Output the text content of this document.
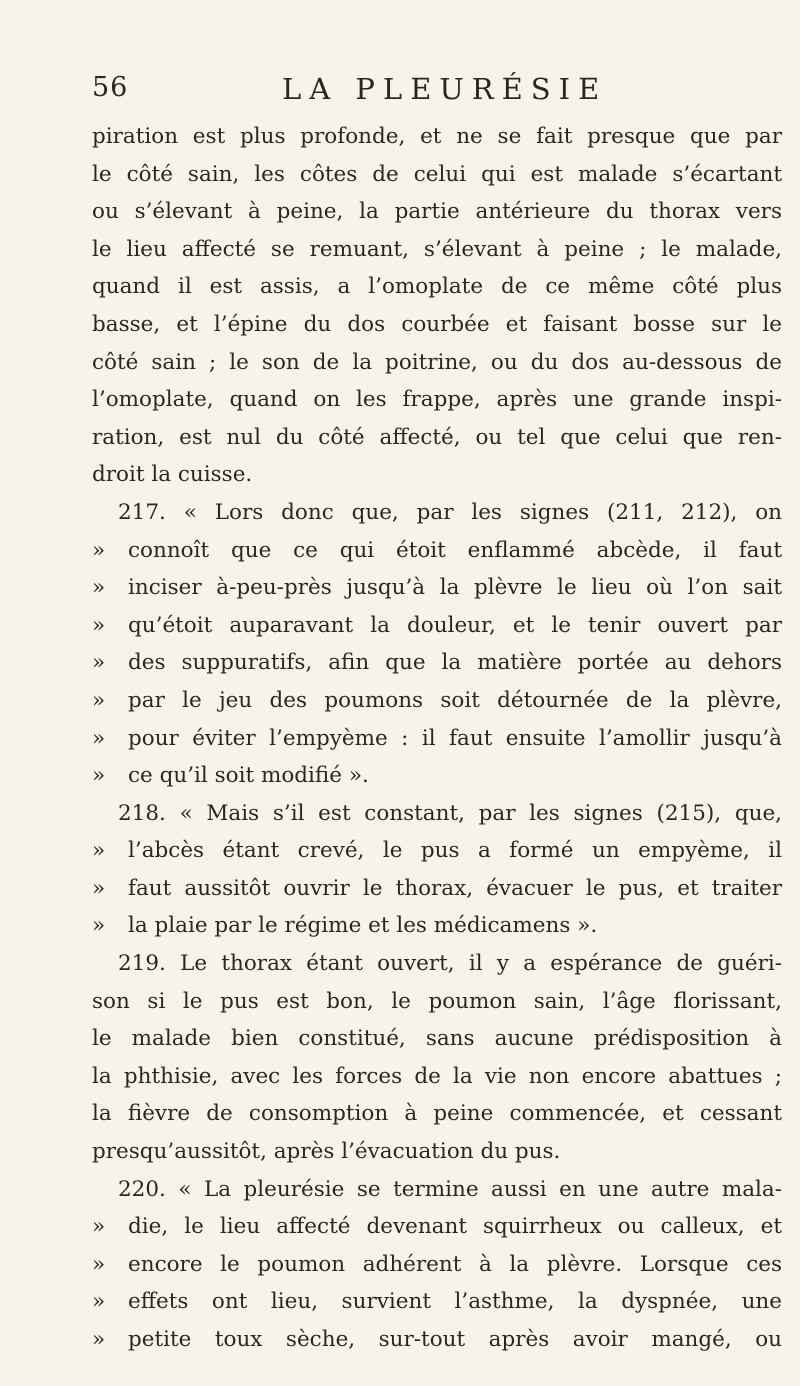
56	LA PLEURÉSIE
piration est plus profonde, et ne se fait presque que par
le côté sain, les côtes de celui qui est malade s’écartant
ou s’élevant à peine, la partie antérieure du thorax vers
le lieu affecté se remuant, s’élevant à peine ; le malade,
quand il est assis, a l’omoplate de ce même côté plus
basse, et l’épine du dos courbée et faisant bosse sur le
côté sain ; le son de la poitrine, ou du dos au-dessous de
l’omoplate, quand on les frappe, après une grande inspi-
ration, est nul du côté affecté, ou tel que celui que ren-
droit la cuisse.
217. « Lors donc que, par les signes (211, 212), on
» connoît que ce qui étoit enflammé abcède, il faut
» inciser à-peu-près jusqu’à la plèvre le lieu où l’on sait
» qu’étoit auparavant la douleur, et le tenir ouvert par
» des suppuratifs, afin que la matière portée au dehors
» par le jeu des poumons soit détournée de la plèvre,
» pour éviter l’empyème : il faut ensuite l’amollir jusqu’à
» ce qu’il soit modifié ».
218. « Mais s’il est constant, par les signes (215), que,
» l’abcès étant crevé, le pus a formé un empyème, il
» faut aussitôt ouvrir le thorax, évacuer le pus, et traiter
» la plaie par le régime et les médicamens ».
219. Le thorax étant ouvert, il y a espérance de guéri-
son si le pus est bon, le poumon sain, l’âge florissant,
le malade bien constitué, sans aucune prédisposition à
la phthisie, avec les forces de la vie non encore abattues ;
la fièvre de consomption à peine commencée, et cessant
presqu’aussitôt, après l’évacuation du pus.
220. « La pleurésie se termine aussi en une autre mala-
» die, le lieu affecté devenant squirrheux ou calleux, et
» encore le poumon adhérent à la plèvre. Lorsque ces
» effets ont lieu, survient l’asthme, la dyspnée, une
» petite toux sèche, sur-tout après avoir mangé, ou
